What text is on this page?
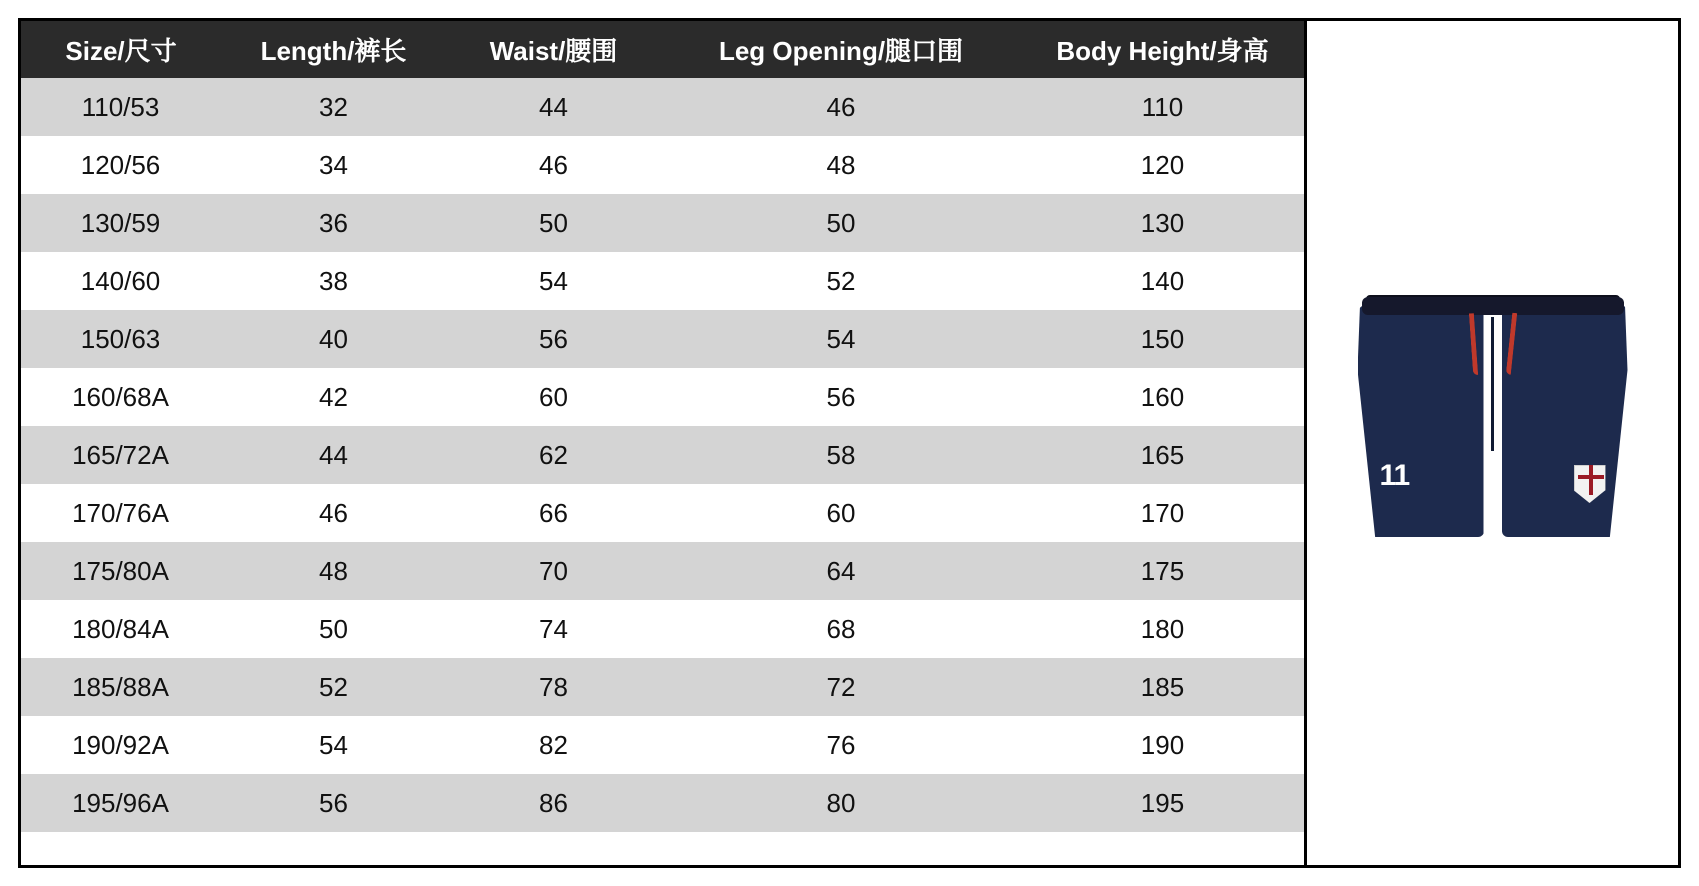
Size/尺寸	Length/裤长	Waist/腰围	Leg Opening/腿口围	Body Height/身高
110/53	32	44	46	110
120/56	34	46	48	120
130/59	36	50	50	130
140/60	38	54	52	140
150/63	40	56	54	150
160/68A	42	60	56	160
165/72A	44	62	58	165
170/76A	46	66	60	170
175/80A	48	70	64	175
180/84A	50	74	68	180
185/88A	52	78	72	185
190/92A	54	82	76	190
195/96A	56	86	80	195
11
